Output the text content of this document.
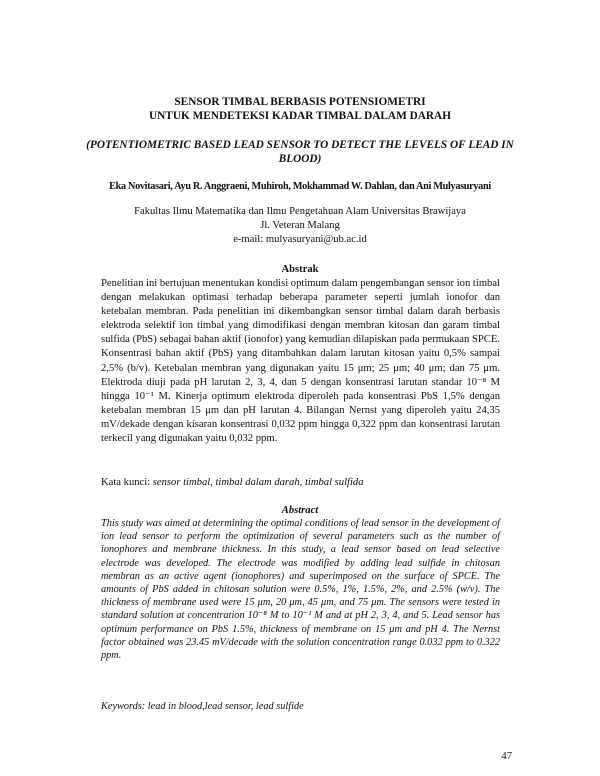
SENSOR TIMBAL BERBASIS POTENSIOMETRI
UNTUK MENDETEKSI KADAR TIMBAL DALAM DARAH
(POTENTIOMETRIC BASED LEAD SENSOR TO DETECT THE LEVELS OF LEAD IN BLOOD)
Eka Novitasari, Ayu R. Anggraeni, Muhiroh, Mokhammad W. Dahlan, dan Ani Mulyasuryani
Fakultas Ilmu Matematika dan Ilmu Pengetahuan Alam Universitas Brawijaya
Jl. Veteran Malang
e-mail: mulyasuryani@ub.ac.id
Abstrak
Penelitian ini bertujuan menentukan kondisi optimum dalam pengembangan sensor ion timbal dengan melakukan optimasi terhadap beberapa parameter seperti jumlah ionofor dan ketebalan membran. Pada penelitian ini dikembangkan sensor timbal dalam darah berbasis elektroda selektif ion timbal yang dimodifikasi dengan membran kitosan dan garam timbal sulfida (PbS) sebagai bahan aktif (ionofor) yang kemudian dilapiskan pada permukaan SPCE. Konsentrasi bahan aktif (PbS) yang ditambahkan dalam larutan kitosan yaitu 0,5% sampai 2,5% (b/v). Ketebalan membran yang digunakan yaitu 15 μm; 25 μm; 40 μm; dan 75 μm. Elektroda diuji pada pH larutan 2, 3, 4, dan 5 dengan konsentrasi larutan standar 10⁻⁸ M hingga 10⁻¹ M. Kinerja optimum elektroda diperoleh pada konsentrasi PbS 1,5% dengan ketebalan membran 15 μm dan pH larutan 4. Bilangan Nernst yang diperoleh yaitu 24,35 mV/dekade dengan kisaran konsentrasi 0,032 ppm hingga 0,322 ppm dan konsentrasi larutan terkecil yang digunakan yaitu 0,032 ppm.
Kata kunci: sensor timbal, timbal dalam darah, timbal sulfida
Abstract
This study was aimed at determining the optimal conditions of lead sensor in the development of ion lead sensor to perform the optimization of several parameters such as the number of ionophores and membrane thickness. In this study, a lead sensor based on lead selective electrode was developed. The electrode was modified by adding lead sulfide in chitosan membran as an active agent (ionophores) and superimposed on the surface of SPCE. The amounts of PbS added in chitosan solution were 0.5%, 1%, 1.5%, 2%, and 2.5% (w/v). The thickness of membrane used were 15 μm, 20 μm, 45 μm, and 75 μm. The sensors were tested in standard solution at concentration 10⁻⁸ M to 10⁻¹ M and at pH 2, 3, 4, and 5. Lead sensor has optimum performance on PbS 1.5%, thickness of membrane on 15 μm and pH 4. The Nernst factor obtained was 23.45 mV/decade with the solution concentration range 0.032 ppm to 0.322 ppm.
Keywords: lead in blood,lead sensor, lead sulfide
47
